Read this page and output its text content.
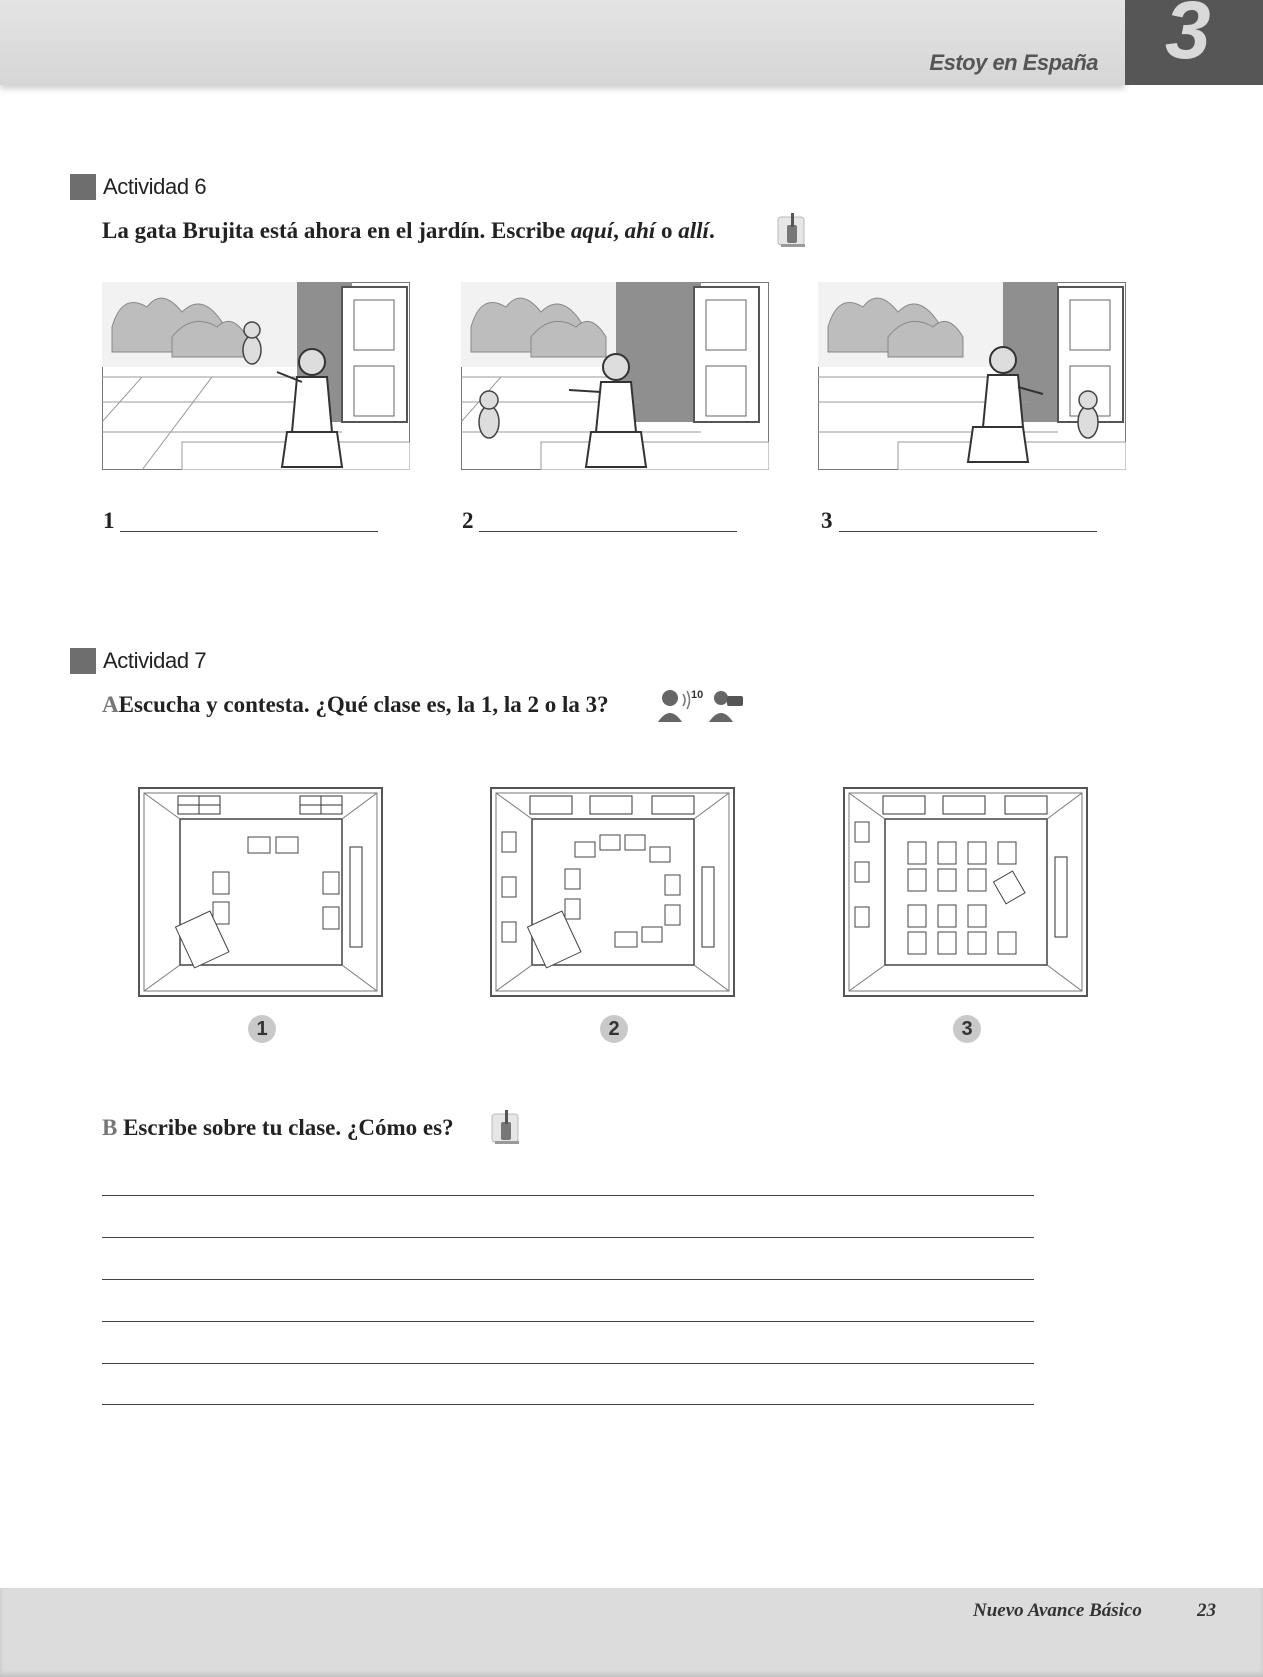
Estoy en España 3
Actividad 6
La gata Brujita está ahora en el jardín. Escribe aquí, ahí o allí.
1	2	3
Actividad 7
AEscucha y contesta. ¿Qué clase es, la 1, la 2 o la 3?	10
1	2	3
B Escribe sobre tu clase. ¿Cómo es?
Nuevo Avance Básico	23
